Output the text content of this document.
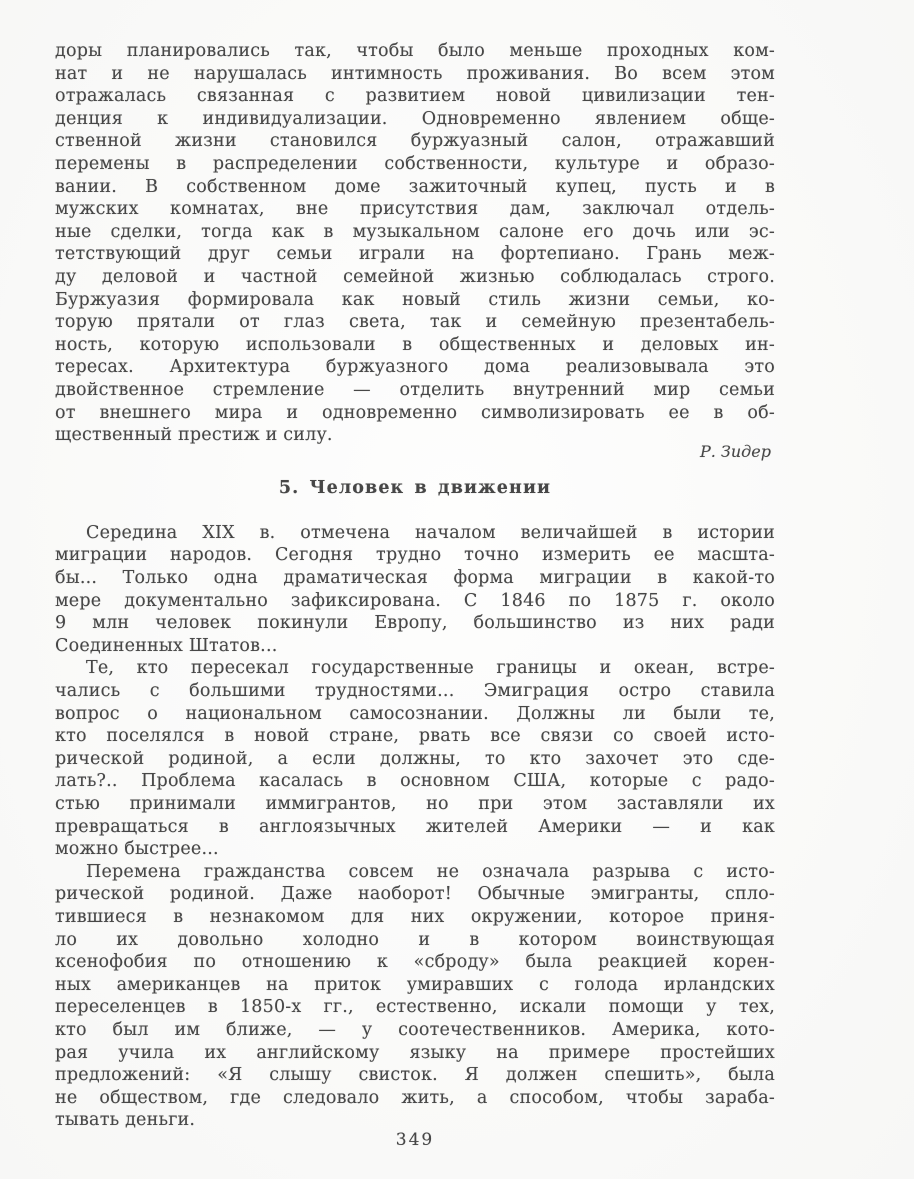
доры планировались так, чтобы было меньше проходных ком-
нат и не нарушалась интимность проживания. Во всем этом
отражалась связанная с развитием новой цивилизации тен-
денция к индивидуализации. Одновременно явлением обще-
ственной жизни становился буржуазный салон, отражавший
перемены в распределении собственности, культуре и образо-
вании. В собственном доме зажиточный купец, пусть и в
мужских комнатах, вне присутствия дам, заключал отдель-
ные сделки, тогда как в музыкальном салоне его дочь или эс-
тетствующий друг семьи играли на фортепиано. Грань меж-
ду деловой и частной семейной жизнью соблюдалась строго.
Буржуазия формировала как новый стиль жизни семьи, ко-
торую прятали от глаз света, так и семейную презентабель-
ность, которую использовали в общественных и деловых ин-
тересах. Архитектура буржуазного дома реализовывала это
двойственное стремление — отделить внутренний мир семьи
от внешнего мира и одновременно символизировать ее в об-
щественный престиж и силу.
Р. Зидер
5. Человек в движении
Середина XIX в. отмечена началом величайшей в истории
миграции народов. Сегодня трудно точно измерить ее масшта-
бы... Только одна драматическая форма миграции в какой-то
мере документально зафиксирована. С 1846 по 1875 г. около
9 млн человек покинули Европу, большинство из них ради
Соединенных Штатов...
Те, кто пересекал государственные границы и океан, встре-
чались с большими трудностями... Эмиграция остро ставила
вопрос о национальном самосознании. Должны ли были те,
кто поселялся в новой стране, рвать все связи со своей исто-
рической родиной, а если должны, то кто захочет это сде-
лать?.. Проблема касалась в основном США, которые с радо-
стью принимали иммигрантов, но при этом заставляли их
превращаться в англоязычных жителей Америки — и как
можно быстрее...
Перемена гражданства совсем не означала разрыва с исто-
рической родиной. Даже наоборот! Обычные эмигранты, спло-
тившиеся в незнакомом для них окружении, которое приня-
ло их довольно холодно и в котором воинствующая
ксенофобия по отношению к «сброду» была реакцией корен-
ных американцев на приток умиравших с голода ирландских
переселенцев в 1850-х гг., естественно, искали помощи у тех,
кто был им ближе, — у соотечественников. Америка, кото-
рая учила их английскому языку на примере простейших
предложений: «Я слышу свисток. Я должен спешить», была
не обществом, где следовало жить, а способом, чтобы зараба-
тывать деньги.
349
